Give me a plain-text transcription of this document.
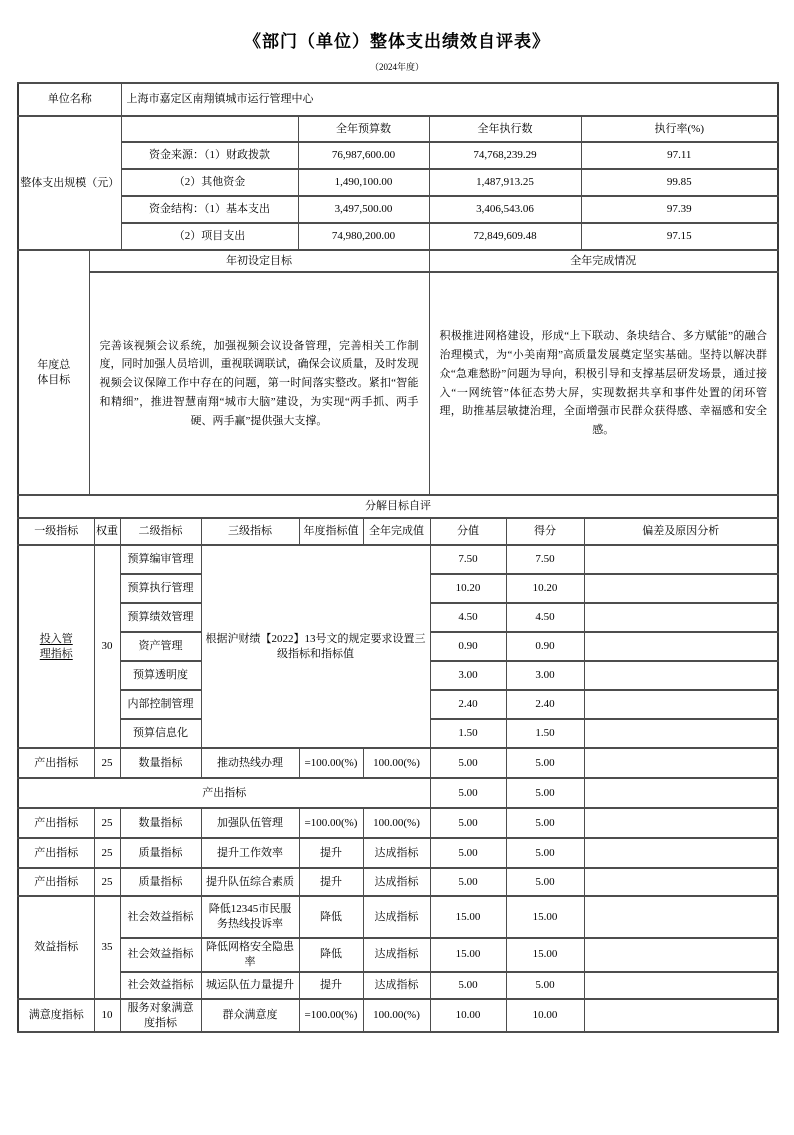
《部门（单位）整体支出绩效自评表》
（2024年度）
单位名称	上海市嘉定区南翔镇城市运行管理中心			
整体支出规模（元）		全年预算数	全年执行数	执行率(%)
	资金来源：（1）财政拨款	76,987,600.00	74,768,239.29	97.11
	（2）其他资金	1,490,100.00	1,487,913.25	99.85
	资金结构：（1）基本支出	3,497,500.00	3,406,543.06	97.39
	（2）项目支出	74,980,200.00	72,849,609.48	97.15
年度总体目标	年初设定目标	全年完成情况
	完善该视频会议系统，加强视频会议设备管理，完善相关工作制度，同时加强人员培训，重视联调联试，确保会议质量，及时发现视频会议保障工作中存在的问题，第一时间落实整改。紧扣“智能和精细”，推进智慧南翔“城市大脑”建设，为实现“两手抓、两手硬、两手赢”提供强大支撑。	积极推进网格建设，形成“上下联动、条块结合、多方赋能”的融合治理模式，为“小美南翔”高质量发展奠定坚实基础。坚持以解决群众“急难愁盼”问题为导向，积极引导和支撑基层研发场景，通过接入“一网统管”体征态势大屏，实现数据共享和事件处置的闭环管理，助推基层敏捷治理，全面增强市民群众获得感、幸福感和安全感。
分解目标自评								
一级指标	权重	二级指标	三级指标	年度指标值	全年完成值	分值	得分	偏差及原因分析
投入管理指标	30	预算编审管理	根据沪财绩【2022】13号文的规定要求设置三级指标和指标值			7.50	7.50	
		预算执行管理				10.20	10.20	
		预算绩效管理				4.50	4.50	
		资产管理				0.90	0.90	
		预算透明度				3.00	3.00	
		内部控制管理				2.40	2.40	
		预算信息化				1.50	1.50	
产出指标	25	数量指标	推动热线办理	=100.00(%)	100.00(%)	5.00	5.00	
产出指标						5.00	5.00	
产出指标	25	数量指标	加强队伍管理	=100.00(%)	100.00(%)	5.00	5.00	
产出指标	25	质量指标	提升工作效率	提升	达成指标	5.00	5.00	
产出指标	25	质量指标	提升队伍综合素质	提升	达成指标	5.00	5.00	
效益指标	35	社会效益指标	降低12345市民服务热线投诉率	降低	达成指标	15.00	15.00	
		社会效益指标	降低网格安全隐患率	降低	达成指标	15.00	15.00	
		社会效益指标	城运队伍力量提升	提升	达成指标	5.00	5.00	
满意度指标	10	服务对象满意度指标	群众满意度	=100.00(%)	100.00(%)	10.00	10.00	
